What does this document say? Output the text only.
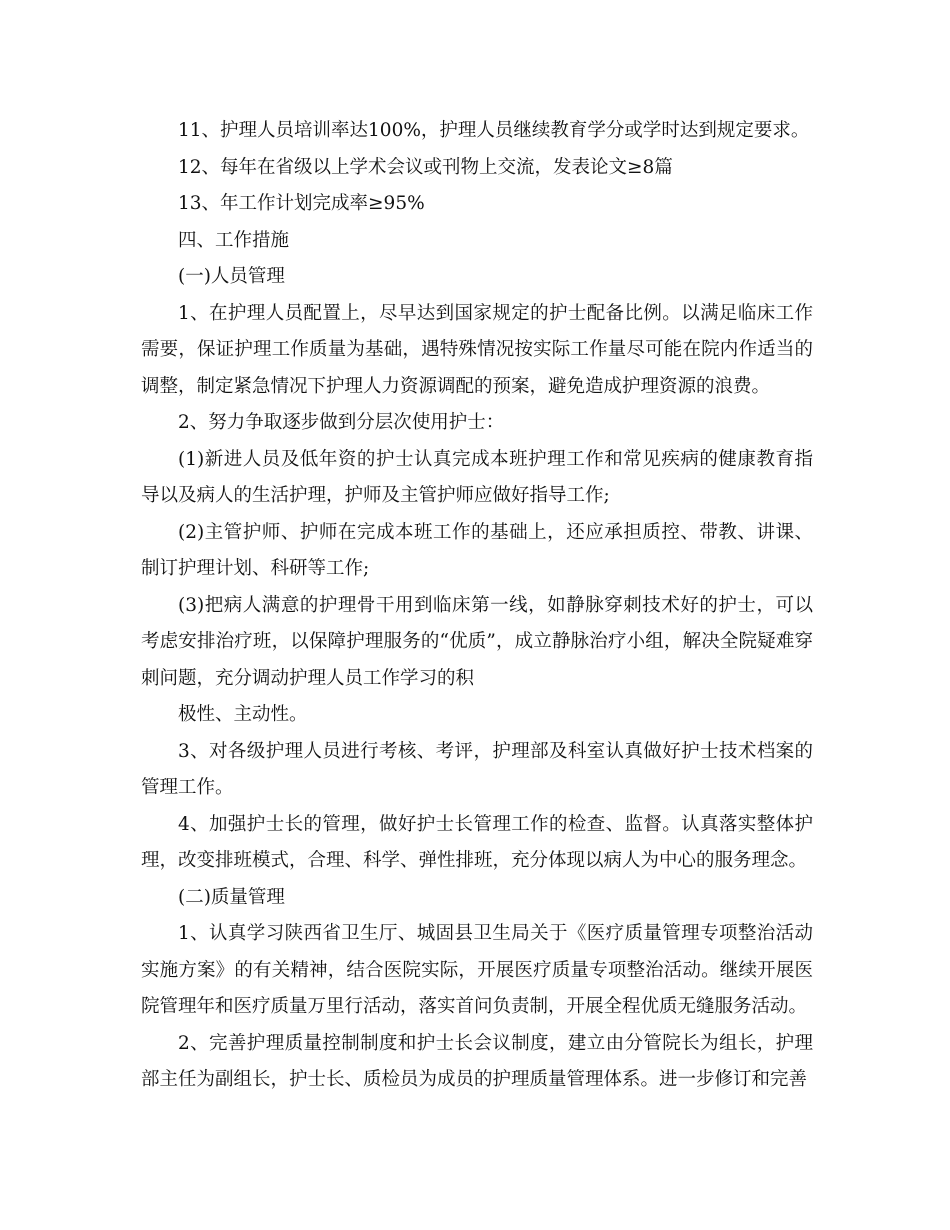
11、护理人员培训率达100%，护理人员继续教育学分或学时达到规定要求。

12、每年在省级以上学术会议或刊物上交流，发表论文≥8篇

13、年工作计划完成率≥95%

四、工作措施

(一)人员管理

1、在护理人员配置上，尽早达到国家规定的护士配备比例。以满足临床工作需要，保证护理工作质量为基础，遇特殊情况按实际工作量尽可能在院内作适当的调整，制定紧急情况下护理人力资源调配的预案，避免造成护理资源的浪费。

2、努力争取逐步做到分层次使用护士：

(1)新进人员及低年资的护士认真完成本班护理工作和常见疾病的健康教育指导以及病人的生活护理，护师及主管护师应做好指导工作;

(2)主管护师、护师在完成本班工作的基础上，还应承担质控、带教、讲课、制订护理计划、科研等工作;

(3)把病人满意的护理骨干用到临床第一线，如静脉穿刺技术好的护士，可以考虑安排治疗班，以保障护理服务的“优质”，成立静脉治疗小组，解决全院疑难穿刺问题，充分调动护理人员工作学习的积

极性、主动性。

3、对各级护理人员进行考核、考评，护理部及科室认真做好护士技术档案的管理工作。

4、加强护士长的管理，做好护士长管理工作的检查、监督。认真落实整体护理，改变排班模式，合理、科学、弹性排班，充分体现以病人为中心的服务理念。

(二)质量管理

1、认真学习陕西省卫生厅、城固县卫生局关于《医疗质量管理专项整治活动实施方案》的有关精神，结合医院实际，开展医疗质量专项整治活动。继续开展医院管理年和医疗质量万里行活动，落实首问负责制，开展全程优质无缝服务活动。

2、完善护理质量控制制度和护士长会议制度，建立由分管院长为组长，护理部主任为副组长，护士长、质检员为成员的护理质量管理体系。进一步修订和完善
